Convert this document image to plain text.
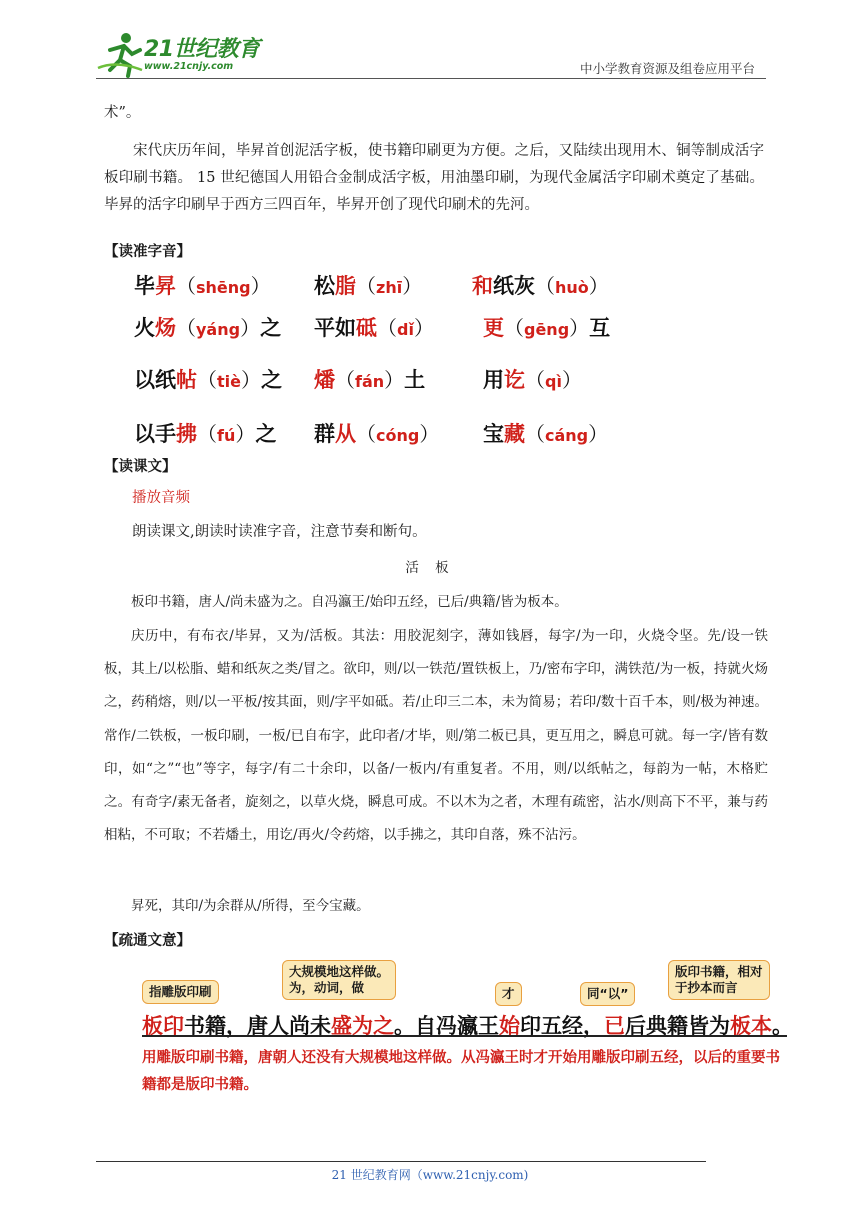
21世纪教育
www.21cnjy.com	中小学教育资源及组卷应用平台
术”。
宋代庆历年间，毕昇首创泥活字板，使书籍印刷更为方便。之后，又陆续出现用木、铜等制成活字板印刷书籍。 15 世纪德国人用铅合金制成活字板，用油墨印刷，为现代金属活字印刷术奠定了基础。毕昇的活字印刷早于西方三四百年，毕昇开创了现代印刷术的先河。
【读准字音】
毕昇（shēng） 松脂（zhī） 和纸灰（huò）
火炀（yáng）之 平如砥（dǐ） 更（gēng）互
以纸帖（tiè）之 燔（fán）土	用讫（qì）
以手拂（fú）之 群从（cóng） 宝藏（cáng）
【读课文】
播放音频
朗读课文,朗读时读准字音，注意节奏和断句。
活 板
板印书籍，唐人/尚未盛为之。自冯瀛王/始印五经，已后/典籍/皆为板本。
庆历中，有布衣/毕昇，又为/活板。其法：用胶泥刻字，薄如钱唇，每字/为一印，火烧令坚。先/设一铁板，其上/以松脂、蜡和纸灰之类/冒之。欲印，则/以一铁范/置铁板上，乃/密布字印，满铁范/为一板，持就火炀之，药稍熔，则/以一平板/按其面，则/字平如砥。若/止印三二本，未为简易；若印/数十百千本，则/极为神速。常作/二铁板，一板印刷，一板/已自布字，此印者/才毕，则/第二板已具，更互用之，瞬息可就。每一字/皆有数印，如“之”“也”等字，每字/有二十余印，以备/一板内/有重复者。不用，则/以纸帖之，每韵为一帖，木格贮之。有奇字/素无备者，旋刻之，以草火烧，瞬息可成。不以木为之者，木理有疏密，沾水/则高下不平，兼与药相粘，不可取；不若燔土，用讫/再火/令药熔，以手拂之，其印自落，殊不沾污。
昇死，其印/为余群从/所得，至今宝藏。
【疏通文意】
指雕版印刷
大规模地这样做。
为，动词，做	才	同“以”
版印书籍，相对
于抄本而言
板印书籍，唐人尚未盛为之。自冯瀛王始印五经，已后典籍皆为板本。
用雕版印刷书籍，唐朝人还没有大规模地这样做。从冯瀛王时才开始用雕版印刷五经，以后的重要书籍都是版印书籍。
21 世纪教育网（www.21cnjy.com)
